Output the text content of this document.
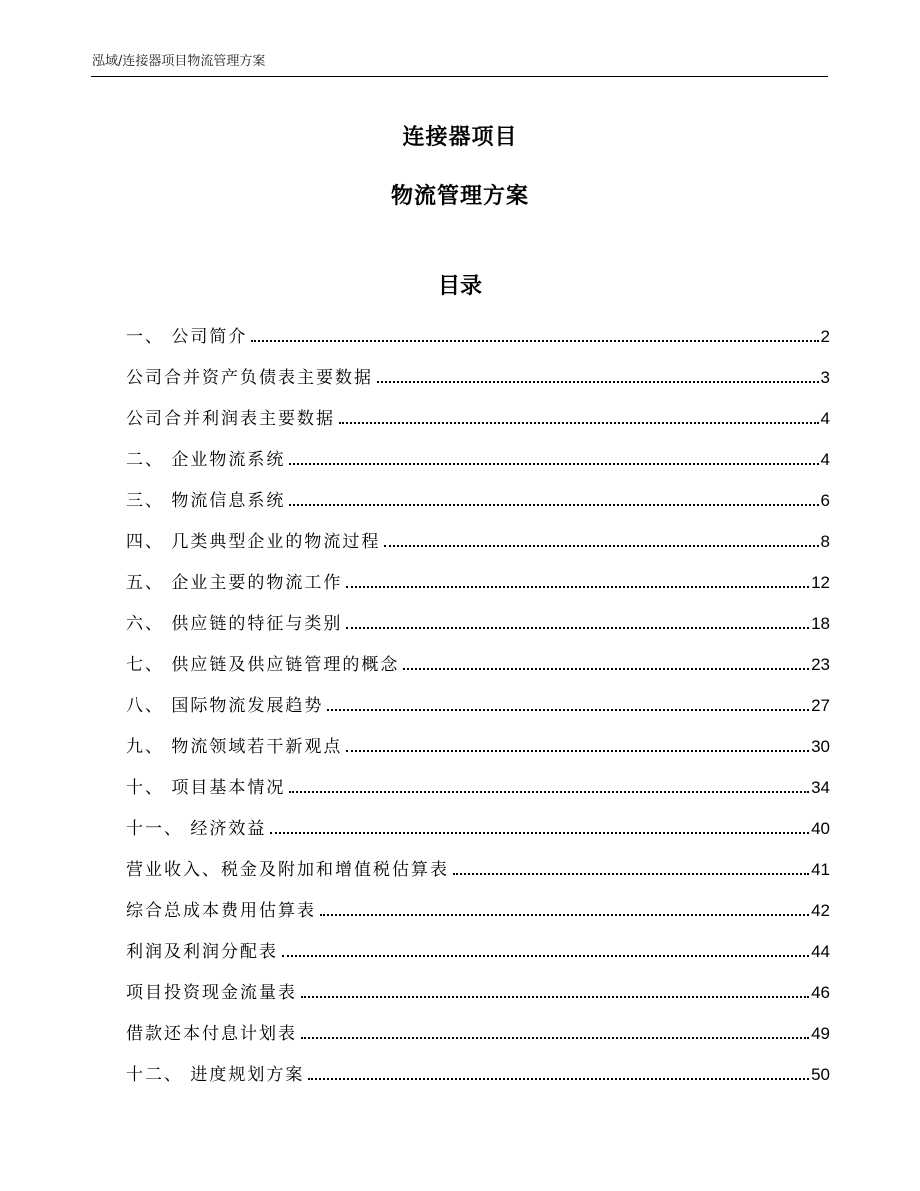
泓域/连接器项目物流管理方案
连接器项目
物流管理方案
目录
一、 公司简介	2
公司合并资产负债表主要数据	3
公司合并利润表主要数据	4
二、 企业物流系统	4
三、 物流信息系统	6
四、 几类典型企业的物流过程	8
五、 企业主要的物流工作	12
六、 供应链的特征与类别	18
七、 供应链及供应链管理的概念	23
八、 国际物流发展趋势	27
九、 物流领域若干新观点	30
十、 项目基本情况	34
十一、 经济效益	40
营业收入、税金及附加和增值税估算表	41
综合总成本费用估算表	42
利润及利润分配表	44
项目投资现金流量表	46
借款还本付息计划表	49
十二、 进度规划方案	50
